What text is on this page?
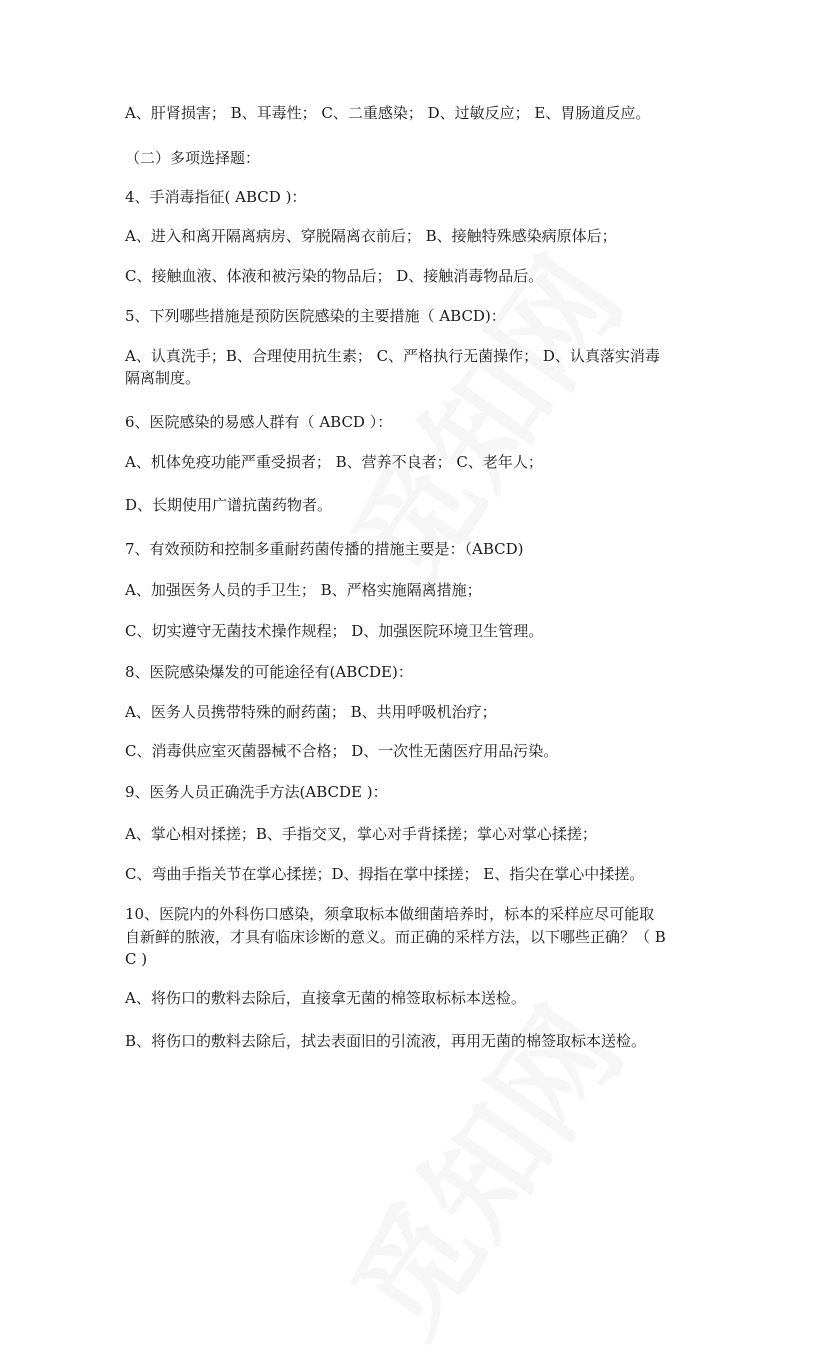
A、肝肾损害； B、耳毒性； C、二重感染； D、过敏反应； E、胃肠道反应。
（二）多项选择题：
4、手消毒指征( ABCD )：
A、进入和离开隔离病房、穿脱隔离衣前后； B、接触特殊感染病原体后；
C、接触血液、体液和被污染的物品后； D、接触消毒物品后。
5、下列哪些措施是预防医院感染的主要措施（ ABCD)：
A、认真洗手；B、合理使用抗生素； C、严格执行无菌操作； D、认真落实消毒
隔离制度。
6、医院感染的易感人群有（ ABCD ）：
A、机体免疫功能严重受损者； B、营养不良者； C、老年人；
D、长期使用广谱抗菌药物者。
7、有效预防和控制多重耐药菌传播的措施主要是：（ABCD)
A、加强医务人员的手卫生； B、严格实施隔离措施；
C、切实遵守无菌技术操作规程； D、加强医院环境卫生管理。
8、医院感染爆发的可能途径有(ABCDE)：
A、医务人员携带特殊的耐药菌； B、共用呼吸机治疗；
C、消毒供应室灭菌器械不合格； D、一次性无菌医疗用品污染。
9、医务人员正确洗手方法(ABCDE )：
A、掌心相对揉搓；B、手指交叉，掌心对手背揉搓；掌心对掌心揉搓；
C、弯曲手指关节在掌心揉搓；D、拇指在掌中揉搓； E、指尖在掌心中揉搓。
10、医院内的外科伤口感染，须拿取标本做细菌培养时，标本的采样应尽可能取
自新鲜的脓液，才具有临床诊断的意义。而正确的采样方法，以下哪些正确？（ B
C )
A、将伤口的敷料去除后，直接拿无菌的棉签取标标本送检。
B、将伤口的敷料去除后，拭去表面旧的引流液，再用无菌的棉签取标本送检。
